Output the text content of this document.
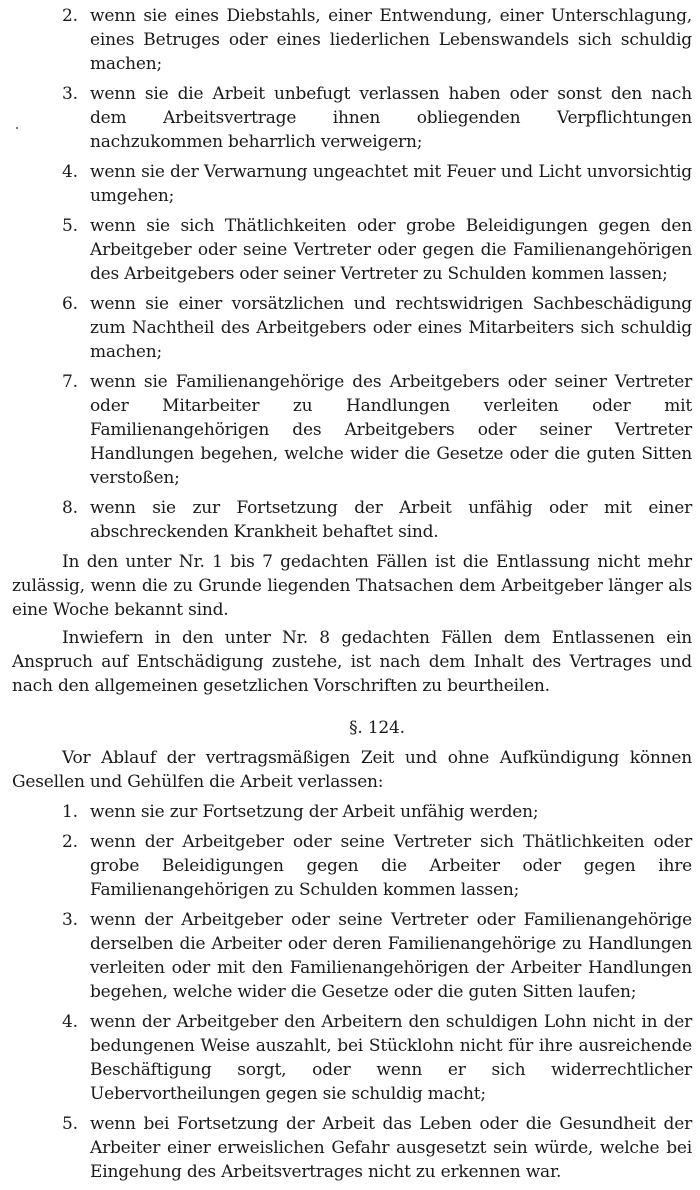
2. wenn sie eines Diebstahls, einer Entwendung, einer Unterschlagung, eines Betruges oder eines liederlichen Lebenswandels sich schuldig machen;
3. wenn sie die Arbeit unbefugt verlassen haben oder sonst den nach dem Arbeitsvertrage ihnen obliegenden Verpflichtungen nachzukommen beharrlich verweigern;
4. wenn sie der Verwarnung ungeachtet mit Feuer und Licht unvorsichtig umgehen;
5. wenn sie sich Thätlichkeiten oder grobe Beleidigungen gegen den Arbeitgeber oder seine Vertreter oder gegen die Familienangehörigen des Arbeitgebers oder seiner Vertreter zu Schulden kommen lassen;
6. wenn sie einer vorsätzlichen und rechtswidrigen Sachbeschädigung zum Nachtheil des Arbeitgebers oder eines Mitarbeiters sich schuldig machen;
7. wenn sie Familienangehörige des Arbeitgebers oder seiner Vertreter oder Mitarbeiter zu Handlungen verleiten oder mit Familienangehörigen des Arbeitgebers oder seiner Vertreter Handlungen begehen, welche wider die Gesetze oder die guten Sitten verstoßen;
8. wenn sie zur Fortsetzung der Arbeit unfähig oder mit einer abschreckenden Krankheit behaftet sind.
In den unter Nr. 1 bis 7 gedachten Fällen ist die Entlassung nicht mehr zulässig, wenn die zu Grunde liegenden Thatsachen dem Arbeitgeber länger als eine Woche bekannt sind.
Inwiefern in den unter Nr. 8 gedachten Fällen dem Entlassenen ein Anspruch auf Entschädigung zustehe, ist nach dem Inhalt des Vertrages und nach den allgemeinen gesetzlichen Vorschriften zu beurtheilen.
§. 124.
Vor Ablauf der vertragsmäßigen Zeit und ohne Aufkündigung können Gesellen und Gehülfen die Arbeit verlassen:
1. wenn sie zur Fortsetzung der Arbeit unfähig werden;
2. wenn der Arbeitgeber oder seine Vertreter sich Thätlichkeiten oder grobe Beleidigungen gegen die Arbeiter oder gegen ihre Familienangehörigen zu Schulden kommen lassen;
3. wenn der Arbeitgeber oder seine Vertreter oder Familienangehörige derselben die Arbeiter oder deren Familienangehörige zu Handlungen verleiten oder mit den Familienangehörigen der Arbeiter Handlungen begehen, welche wider die Gesetze oder die guten Sitten laufen;
4. wenn der Arbeitgeber den Arbeitern den schuldigen Lohn nicht in der bedungenen Weise auszahlt, bei Stücklohn nicht für ihre ausreichende Beschäftigung sorgt, oder wenn er sich widerrechtlicher Uebervortheilungen gegen sie schuldig macht;
5. wenn bei Fortsetzung der Arbeit das Leben oder die Gesundheit der Arbeiter einer erweislichen Gefahr ausgesetzt sein würde, welche bei Eingehung des Arbeitsvertrages nicht zu erkennen war.
